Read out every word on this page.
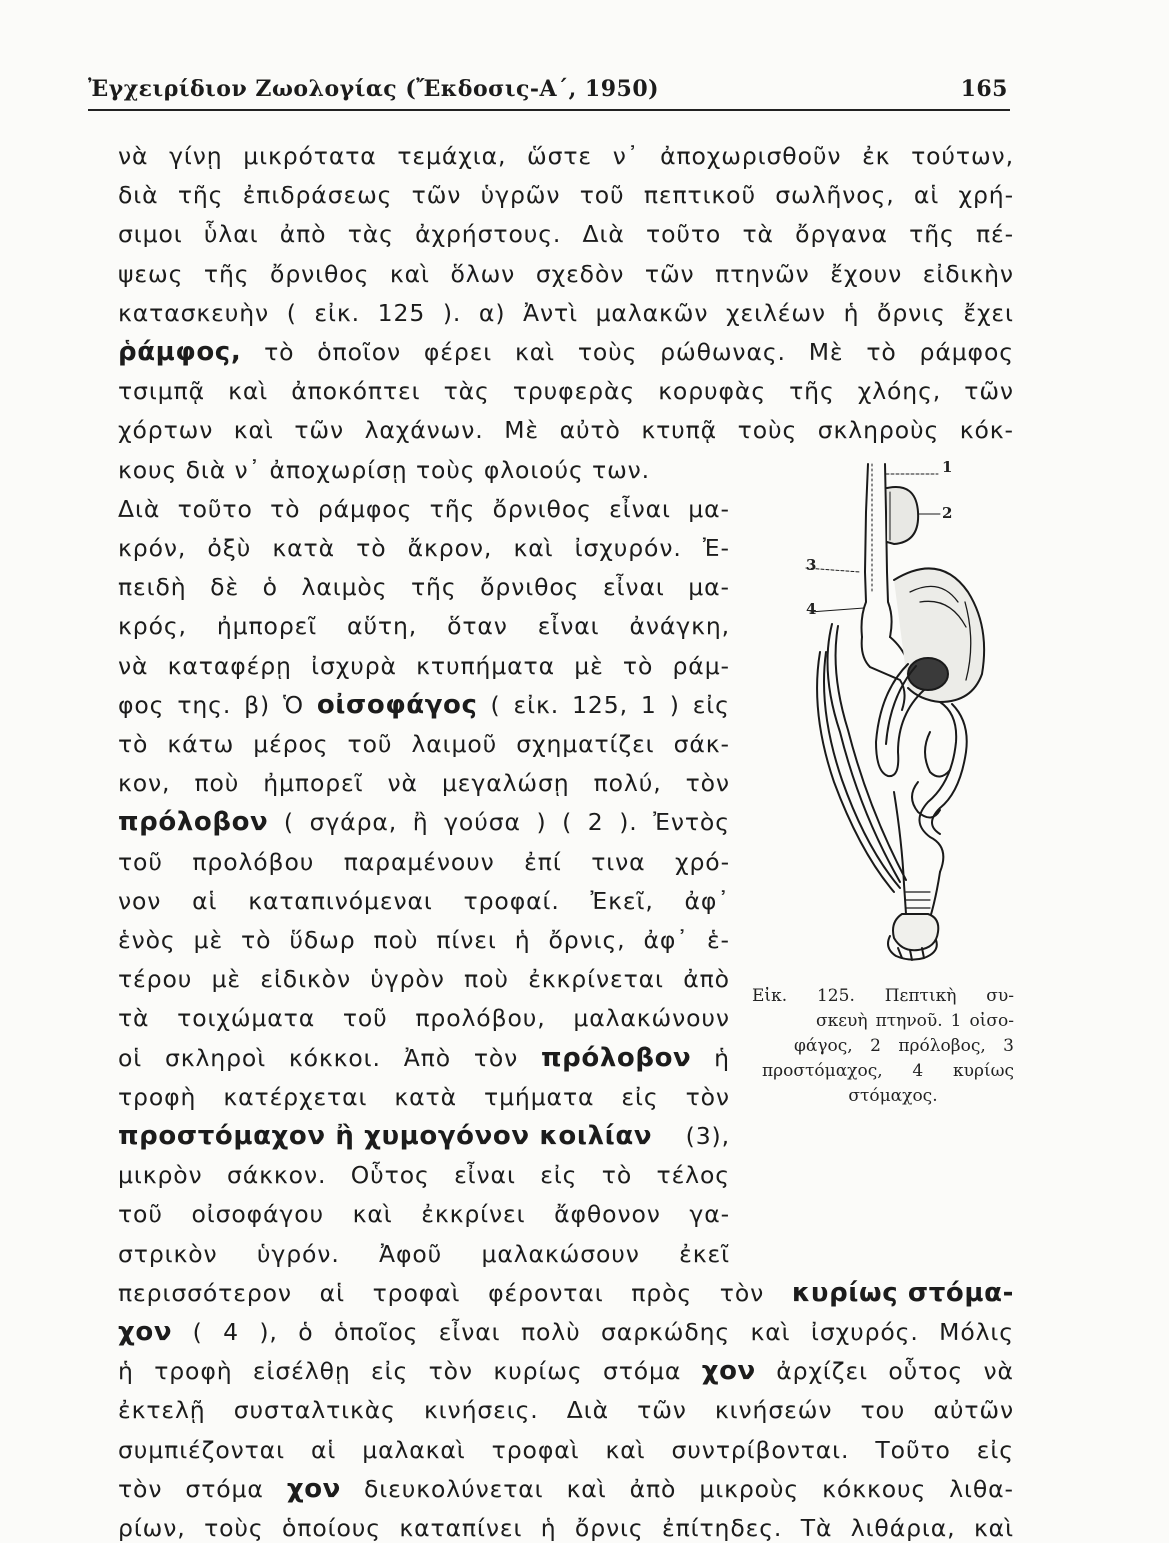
Ἐγχειρίδιον Ζωολογίας (Ἔκδοσις-Α΄, 1950)	165
νὰ γίνῃ μικρότατα τεμάχια, ὥστε ν᾽ ἀποχωρισθοῦν ἐκ τούτων,
διὰ τῆς ἐπιδράσεως τῶν ὑγρῶν τοῦ πεπτικοῦ σωλῆνος, αἱ χρή-
σιμοι ὗλαι ἀπὸ τὰς ἀχρήστους. Διὰ τοῦτο τὰ ὄργανα τῆς πέ-
ψεως τῆς ὄρνιθος καὶ ὅλων σχεδὸν τῶν πτηνῶν ἔχουν εἰδικὴν
κατασκευὴν ( εἰκ. 125 ). α) Ἀντὶ μαλακῶν χειλέων ἡ ὄρνις ἔχει
ῥάμφος, τὸ ὁποῖον φέρει καὶ τοὺς ρώθωνας. Μὲ τὸ ράμφος
τσιμπᾷ καὶ ἀποκόπτει τὰς τρυφερὰς κορυφὰς τῆς χλόης, τῶν
χόρτων καὶ τῶν λαχάνων. Μὲ αὐτὸ κτυπᾷ τοὺς σκληροὺς κόκ-
κους διὰ ν᾽ ἀποχωρίσῃ τοὺς φλοιούς των.
Διὰ τοῦτο τὸ ράμφος τῆς ὄρνιθος εἶναι μα-
κρόν, ὀξὺ κατὰ τὸ ἄκρον, καὶ ἰσχυρόν. Ἐ-
πειδὴ δὲ ὁ λαιμὸς τῆς ὄρνιθος εἶναι μα-
κρός, ἠμπορεῖ αὕτη, ὅταν εἶναι ἀνάγκη,
νὰ καταφέρῃ ἰσχυρὰ κτυπήματα μὲ τὸ ράμ-
φος της. β) Ὁ οἰσοφάγος ( εἰκ. 125, 1 ) εἰς
τὸ κάτω μέρος τοῦ λαιμοῦ σχηματίζει σάκ-
κον, ποὺ ἠμπορεῖ νὰ μεγαλώσῃ πολύ, τὸν
πρόλοβον ( σγάρα, ἢ γούσα ) ( 2 ). Ἐντὸς
τοῦ προλόβου παραμένουν ἐπί τινα χρό-
νον αἱ καταπινόμεναι τροφαί. Ἐκεῖ, ἀφ᾽
ἑνὸς μὲ τὸ ὕδωρ ποὺ πίνει ἡ ὄρνις, ἀφ᾽ ἑ-
τέρου μὲ εἰδικὸν ὑγρὸν ποὺ ἐκκρίνεται ἀπὸ
τὰ τοιχώματα τοῦ προλόβου, μαλακώνουν
οἱ σκληροὶ κόκκοι. Ἀπὸ τὸν πρόλοβον ἡ
τροφὴ κατέρχεται κατὰ τμήματα εἰς τὸν
προστόμαχον ἢ χυμογόνον κοιλίαν (3),
μικρὸν σάκκον. Οὗτος εἶναι εἰς τὸ τέλος
τοῦ οἰσοφάγου καὶ ἐκκρίνει ἄφθονον γα-
στρικὸν ὑγρόν. Ἀφοῦ μαλακώσουν ἐκεῖ
περισσότερον αἱ τροφαὶ φέρονται πρὸς τὸν κυρίως στόμα-
χον ( 4 ), ὁ ὁποῖος εἶναι πολὺ σαρκώδης καὶ ἰσχυρός. Μόλις
ἡ τροφὴ εἰσέλθῃ εἰς τὸν κυρίως στόμα χον ἀρχίζει οὗτος νὰ
ἐκτελῇ συσταλτικὰς κινήσεις. Διὰ τῶν κινήσεών του αὐτῶν
συμπιέζονται αἱ μαλακαὶ τροφαὶ καὶ συντρίβονται. Τοῦτο εἰς
τὸν στόμα χον διευκολύνεται καὶ ἀπὸ μικροὺς κόκκους λιθα-
ρίων, τοὺς ὁποίους καταπίνει ἡ ὄρνις ἐπίτηδες. Τὰ λιθάρια, καὶ
1
2
3
4
Εἰκ. 125. Πεπτικὴ συ-
σκευὴ πτηνοῦ. 1 οἰσο-
φάγος, 2 πρόλοβος, 3
προστόμαχος, 4 κυρίως
στόμαχος.
